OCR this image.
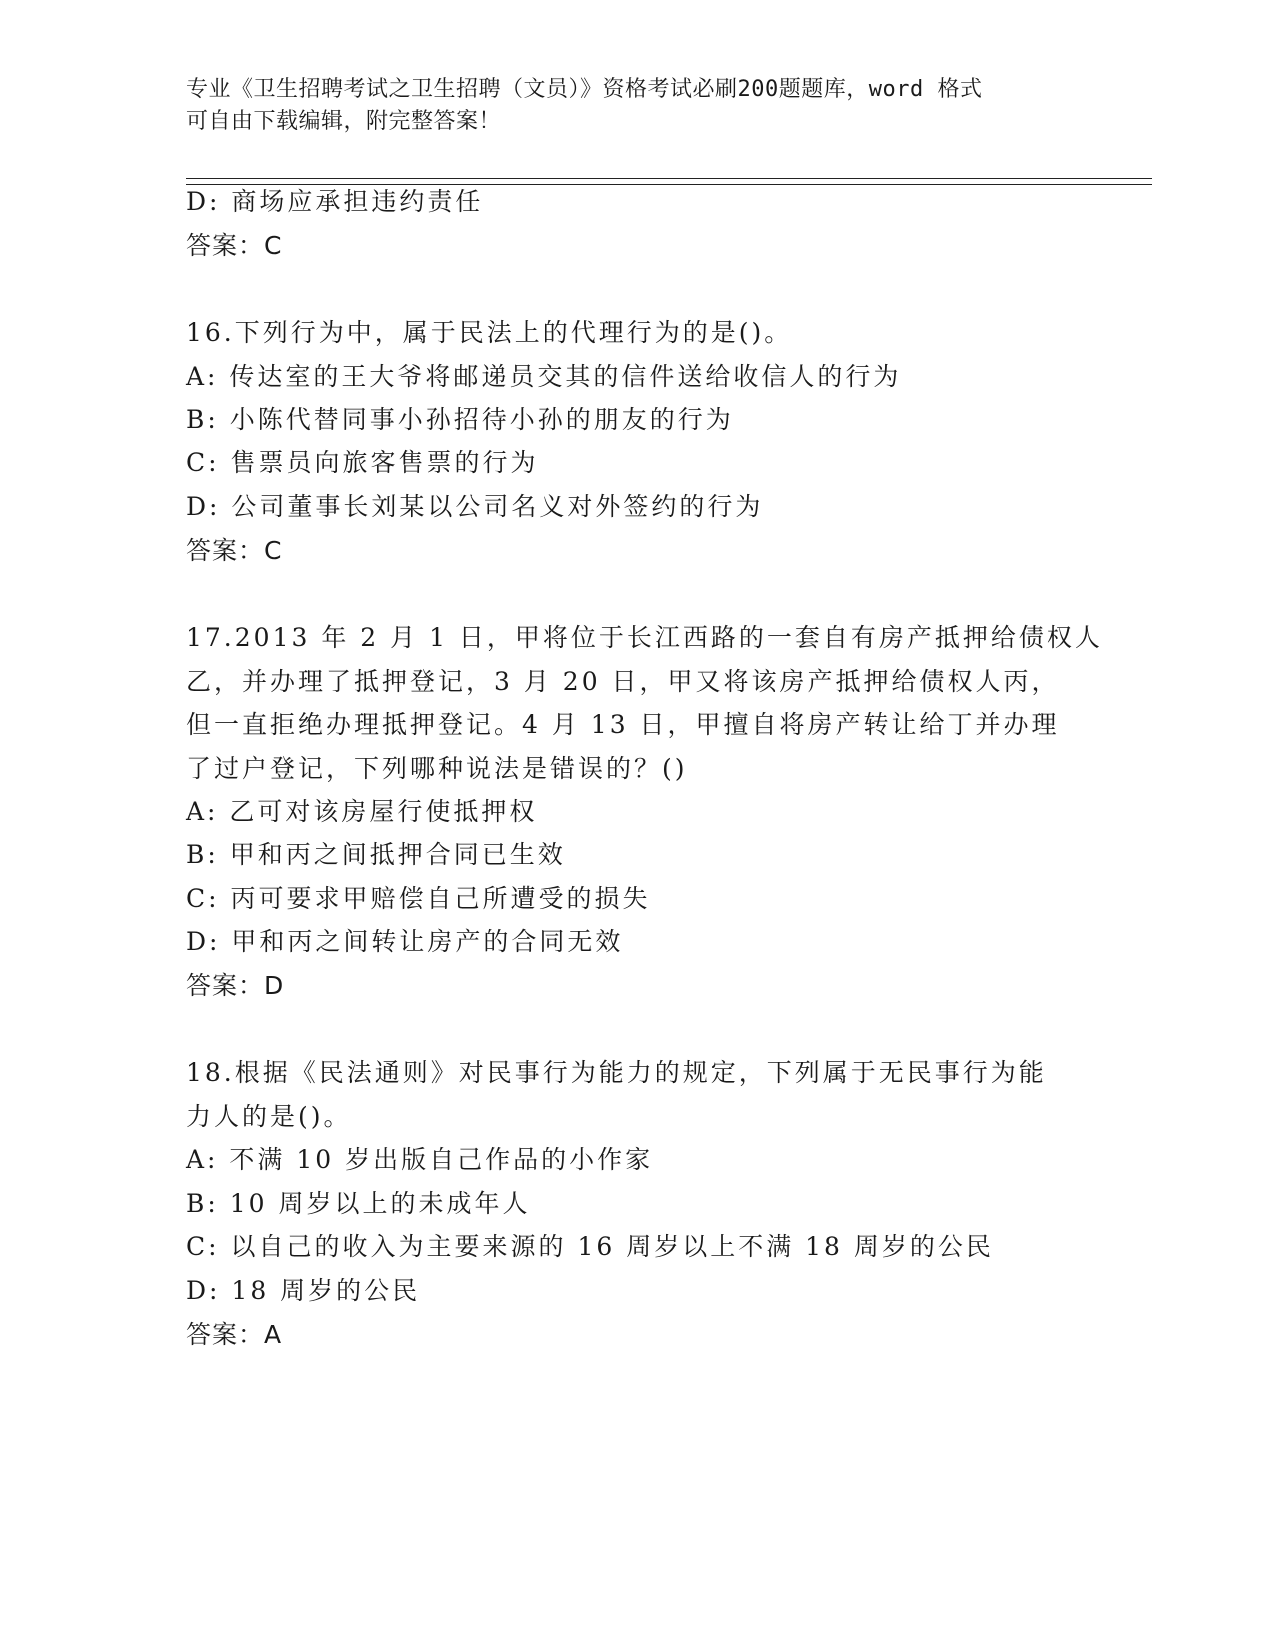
专业《卫生招聘考试之卫生招聘（文员）》资格考试必刷200题题库，word 格式
可自由下载编辑，附完整答案！
D: 商场应承担违约责任
答案：C
16.下列行为中，属于民法上的代理行为的是()。
A: 传达室的王大爷将邮递员交其的信件送给收信人的行为
B: 小陈代替同事小孙招待小孙的朋友的行为
C: 售票员向旅客售票的行为
D: 公司董事长刘某以公司名义对外签约的行为
答案：C
17.2013 年 2 月 1 日，甲将位于长江西路的一套自有房产抵押给债权人
乙，并办理了抵押登记，3 月 20 日，甲又将该房产抵押给债权人丙，
但一直拒绝办理抵押登记。4 月 13 日，甲擅自将房产转让给丁并办理
了过户登记，下列哪种说法是错误的？()
A: 乙可对该房屋行使抵押权
B: 甲和丙之间抵押合同已生效
C: 丙可要求甲赔偿自己所遭受的损失
D: 甲和丙之间转让房产的合同无效
答案：D
18.根据《民法通则》对民事行为能力的规定，下列属于无民事行为能
力人的是()。
A: 不满 10 岁出版自己作品的小作家
B: 10 周岁以上的未成年人
C: 以自己的收入为主要来源的 16 周岁以上不满 18 周岁的公民
D: 18 周岁的公民
答案：A
